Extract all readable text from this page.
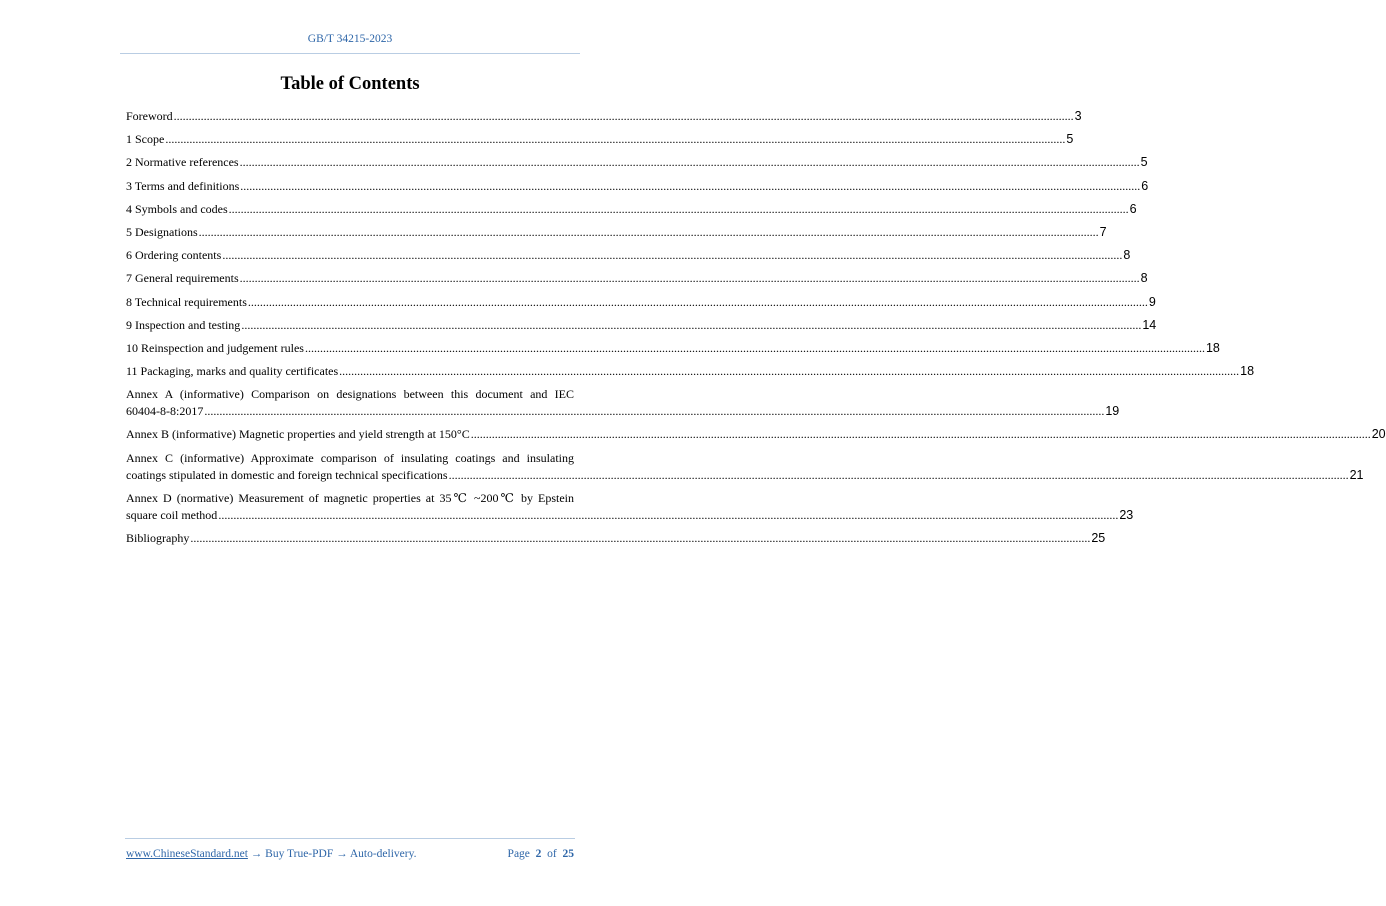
GB/T 34215-2023
Table of Contents
Foreword ............................................................................................................................................................................................................................................................................................................ 3
1 Scope ............................................................................................................................................................................................................................................................................................................ 5
2 Normative references ............................................................................................................................................................................................................................................................................................................ 5
3 Terms and definitions ............................................................................................................................................................................................................................................................................................................ 6
4 Symbols and codes ............................................................................................................................................................................................................................................................................................................ 6
5 Designations ............................................................................................................................................................................................................................................................................................................ 7
6 Ordering contents ............................................................................................................................................................................................................................................................................................................ 8
7 General requirements ............................................................................................................................................................................................................................................................................................................ 8
8 Technical requirements ............................................................................................................................................................................................................................................................................................................ 9
9 Inspection and testing ............................................................................................................................................................................................................................................................................................................ 14
10 Reinspection and judgement rules ............................................................................................................................................................................................................................................................................................................ 18
11 Packaging, marks and quality certificates ............................................................................................................................................................................................................................................................................................................ 18
Annex A (informative) Comparison on designations between this document and IEC
60404-8-8:2017 ............................................................................................................................................................................................................................................................................................................ 19
Annex B (informative) Magnetic properties and yield strength at 150°C ............................................................................................................................................................................................................................................................................................................ 20
Annex C (informative) Approximate comparison of insulating coatings and insulating
coatings stipulated in domestic and foreign technical specifications ............................................................................................................................................................................................................................................................................................................ 21
Annex D (normative) Measurement of magnetic properties at 35℃ ~200℃ by Epstein
square coil method ............................................................................................................................................................................................................................................................................................................ 23
Bibliography ............................................................................................................................................................................................................................................................................................................ 25
www.ChineseStandard.net → Buy True-PDF → Auto-delivery.	Page 2 of 25
